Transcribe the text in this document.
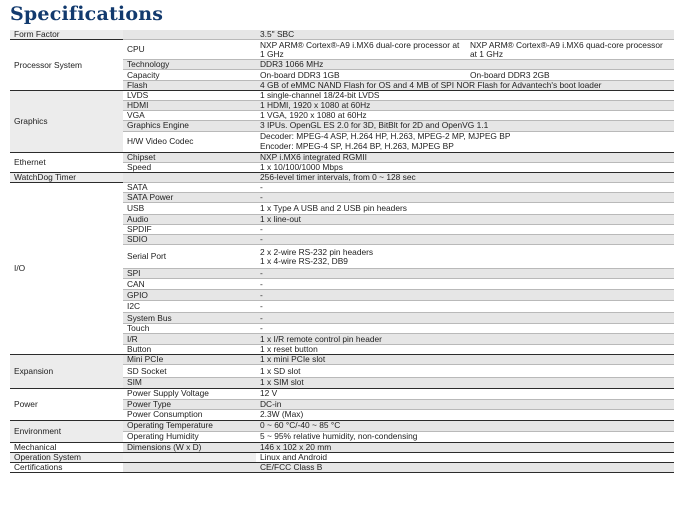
Specifications
Form Factor		3.5" SBC	
Processor System	CPU	NXP ARM® Cortex®-A9 i.MX6 dual-core processor at 1 GHz	NXP ARM® Cortex®-A9 i.MX6 quad-core processor at 1 GHz
	Technology	DDR3 1066 MHz	
	Capacity	On-board DDR3 1GB	On-board DDR3 2GB
	Flash	4 GB of eMMC NAND Flash for OS and 4 MB of SPI NOR Flash for Advantech's boot loader	
Graphics	LVDS	1 single-channel 18/24-bit LVDS	
	HDMI	1 HDMI, 1920 x 1080 at 60Hz	
	VGA	1 VGA, 1920 x 1080 at 60Hz	
	Graphics Engine	3 IPUs. OpenGL ES 2.0 for 3D, BitBlt for 2D and OpenVG 1.1	
	H/W Video Codec	Decoder: MPEG-4 ASP, H.264 HP, H.263, MPEG-2 MP, MJPEG BP
Encoder: MPEG-4 SP, H.264 BP, H.263, MJPEG BP	
Ethernet	Chipset	NXP i.MX6 integrated RGMII	
	Speed	1 x 10/100/1000 Mbps	
WatchDog Timer		256-level timer intervals, from 0 ~ 128 sec	
I/O	SATA	-	
	SATA Power	-	
	USB	1 x Type A USB and 2 USB pin headers	
	Audio	1 x line-out	
	SPDIF	-	
	SDIO	-	
	Serial Port	2 x 2-wire RS-232 pin headers
1 x 4-wire RS-232, DB9	
	SPI	-	
	CAN	-	
	GPIO	-	
	I2C	-	
	System Bus	-	
	Touch	-	
	I/R	1 x I/R remote control pin header	
	Button	1 x reset button	
Expansion	Mini PCIe	1 x mini PCIe slot	
	SD Socket	1 x SD slot	
	SIM	1 x SIM slot	
Power	Power Supply Voltage	12 V	
	Power Type	DC-in	
	Power Consumption	2.3W (Max)	
Environment	Operating Temperature	0 ~ 60 °C/-40 ~ 85 °C	
	Operating Humidity	5 ~ 95% relative humidity, non-condensing	
Mechanical	Dimensions (W x D)	146 x 102 x 20 mm	
Operation System		Linux and Android	
Certifications		CE/FCC Class B	
